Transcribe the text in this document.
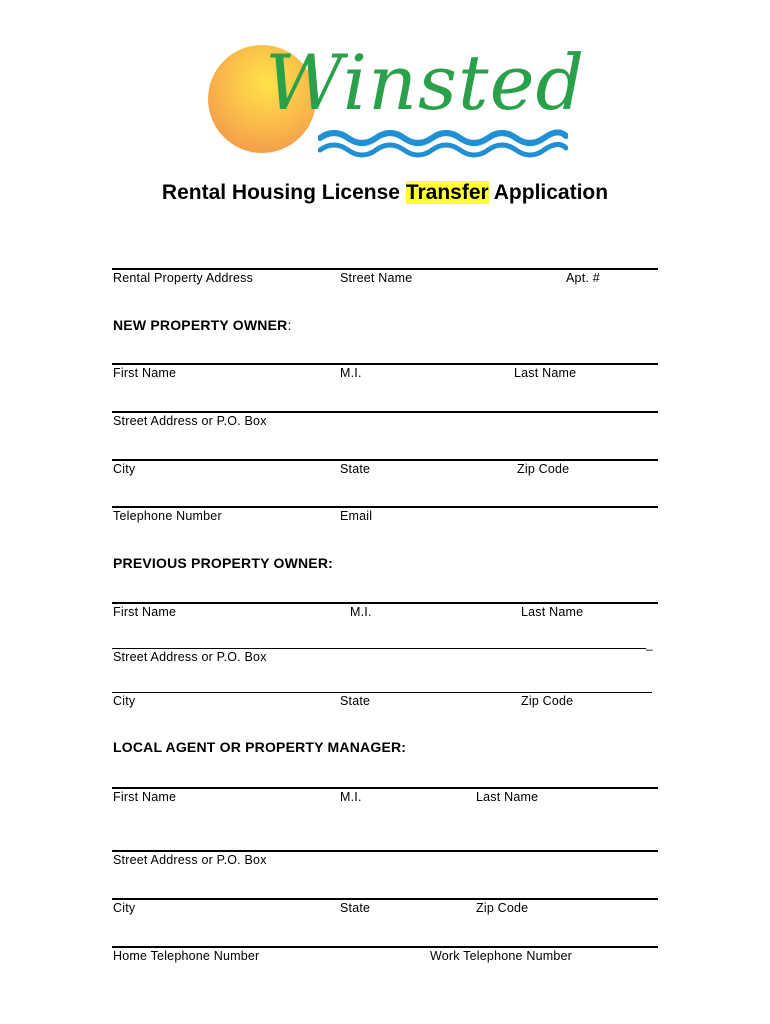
Winsted
Rental Housing License Transfer Application
Rental Property Address	Street Name	Apt. #
NEW PROPERTY OWNER:
First Name	M.I.	Last Name
Street Address or P.O. Box
City	State	Zip Code
Telephone Number	Email
PREVIOUS PROPERTY OWNER:
First Name	M.I.	Last Name
_
Street Address or P.O. Box
City	State	Zip Code
LOCAL AGENT OR PROPERTY MANAGER:
First Name	M.I.	Last Name
Street Address or P.O. Box
City	State	Zip Code
Home Telephone Number	Work Telephone Number
